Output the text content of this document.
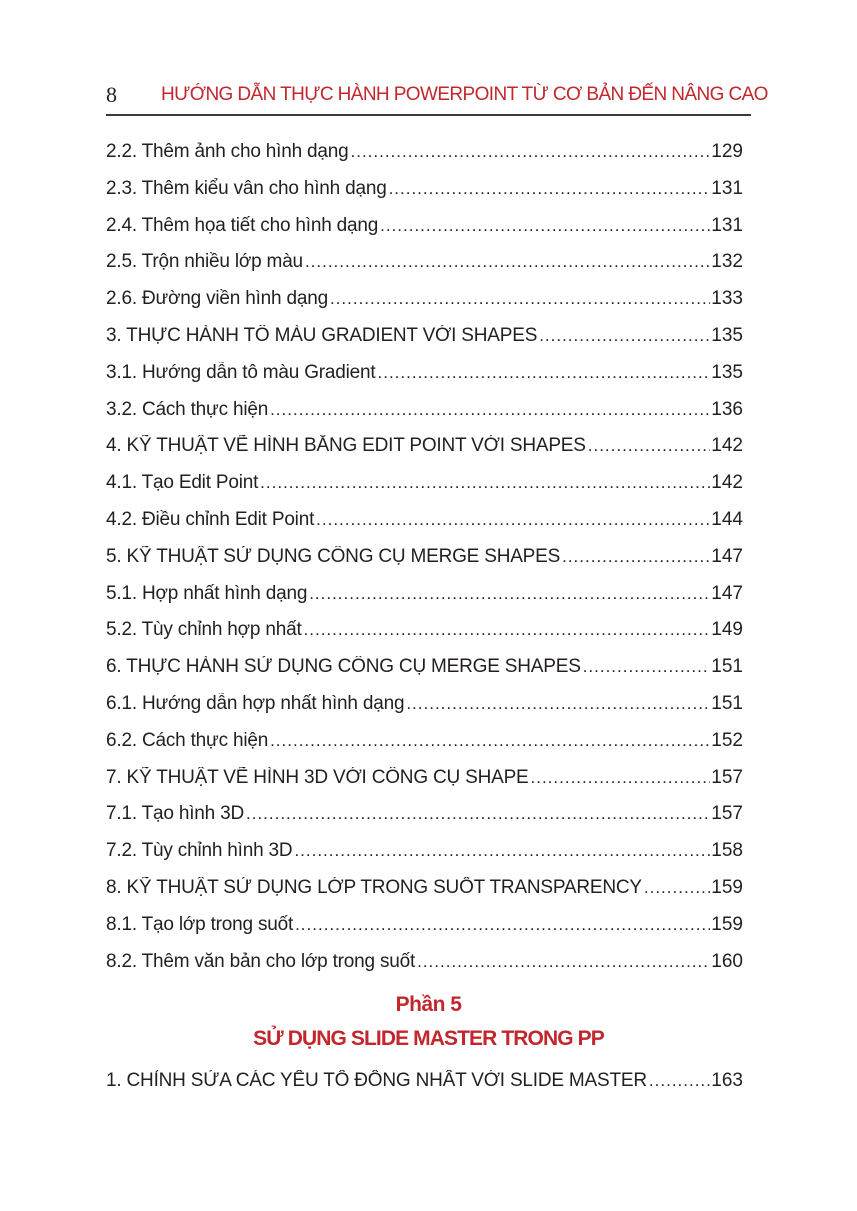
8 HƯỚNG DẪN THỰC HÀNH POWERPOINT TỪ CƠ BẢN ĐẾN NÂNG CAO
2.2. Thêm ảnh cho hình dạng .....	129
2.3. Thêm kiểu vân cho hình dạng .....	131
2.4. Thêm họa tiết cho hình dạng .....	131
2.5. Trộn nhiều lớp màu .....	132
2.6. Đường viền hình dạng .....	133
3. THỰC HÀNH TÔ MÀU GRADIENT VỚI SHAPES .....	135
3.1. Hướng dẫn tô màu Gradient .....	135
3.2. Cách thực hiện .....	136
4. KỸ THUẬT VẼ HÌNH BẰNG EDIT POINT VỚI SHAPES .....	142
4.1. Tạo Edit Point .....	142
4.2. Điều chỉnh Edit Point .....	144
5. KỸ THUẬT SỬ DỤNG CÔNG CỤ MERGE SHAPES .....	147
5.1. Hợp nhất hình dạng .....	147
5.2. Tùy chỉnh hợp nhất .....	149
6. THỰC HÀNH SỬ DỤNG CÔNG CỤ MERGE SHAPES .....	151
6.1. Hướng dẫn hợp nhất hình dạng .....	151
6.2. Cách thực hiện .....	152
7. KỸ THUẬT VẼ HÌNH 3D VỚI CÔNG CỤ SHAPE .....	157
7.1. Tạo hình 3D .....	157
7.2. Tùy chỉnh hình 3D .....	158
8. KỸ THUẬT SỬ DỤNG LỚP TRONG SUỐT TRANSPARENCY .....	159
8.1. Tạo lớp trong suốt .....	159
8.2. Thêm văn bản cho lớp trong suốt .....	160
Phần 5
SỬ DỤNG SLIDE MASTER TRONG PP
1. CHỈNH SỬA CÁC YẾU TỐ ĐỒNG NHẤT VỚI SLIDE MASTER .....	163
